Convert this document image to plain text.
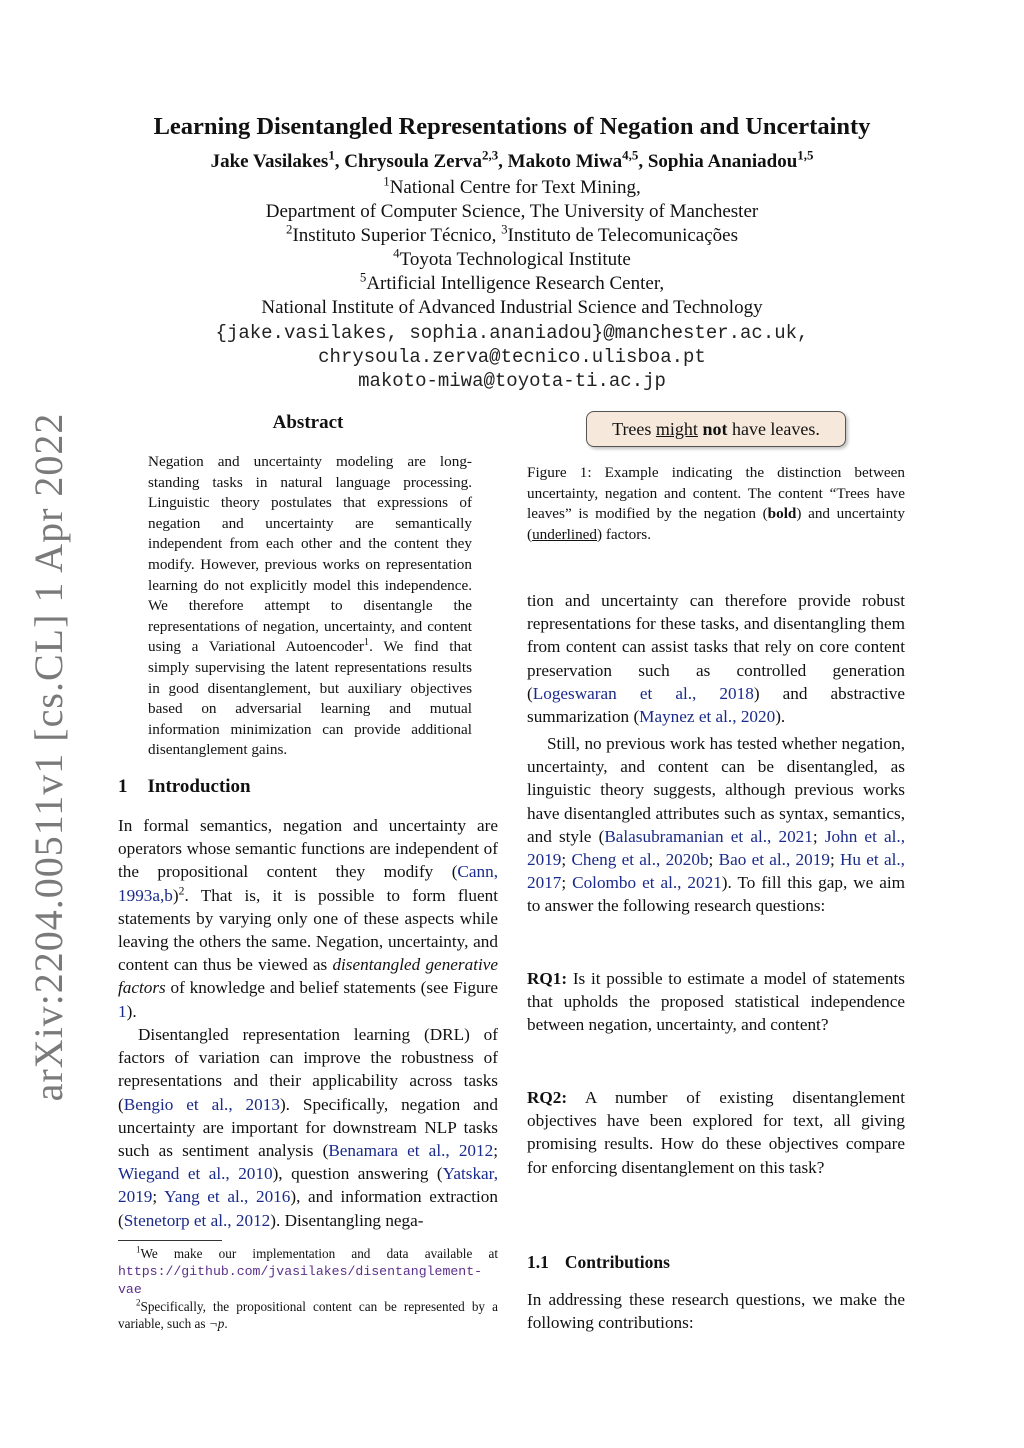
arXiv:2204.00511v1 [cs.CL] 1 Apr 2022
Learning Disentangled Representations of Negation and Uncertainty
Jake Vasilakes$^1$, Chrysoula Zerva$^{2,3}$, Makoto Miwa$^{4,5}$, Sophia Ananiadou$^{1,5}$
$^1$National Centre for Text Mining,
Department of Computer Science, The University of Manchester
$^2$Instituto Superior Técnico, $^3$Instituto de Telecomunicações
$^4$Toyota Technological Institute
$^5$Artificial Intelligence Research Center,
National Institute of Advanced Industrial Science and Technology
{jake.vasilakes, sophia.ananiadou}@manchester.ac.uk,
chrysoula.zerva@tecnico.ulisboa.pt
makoto-miwa@toyota-ti.ac.jp
Abstract
Negation and uncertainty modeling are long-standing tasks in natural language processing. Linguistic theory postulates that expressions of negation and uncertainty are semantically independent from each other and the content they modify. However, previous works on representation learning do not explicitly model this independence. We therefore attempt to disentangle the representations of negation, uncertainty, and content using a Variational Autoencoder$^1$. We find that simply supervising the latent representations results in good disentanglement, but auxiliary objectives based on adversarial learning and mutual information minimization can provide additional disentanglement gains.
1 Introduction

In formal semantics, negation and uncertainty are operators whose semantic functions are independent of the propositional content they modify (Cann, 1993a,b)$^2$. That is, it is possible to form fluent statements by varying only one of these aspects while leaving the others the same. Negation, uncertainty, and content can thus be viewed as disentangled generative factors of knowledge and belief statements (see Figure 1).

Disentangled representation learning (DRL) of factors of variation can improve the robustness of representations and their applicability across tasks (Bengio et al., 2013). Specifically, negation and uncertainty are important for downstream NLP tasks such as sentiment analysis (Benamara et al., 2012; Wiegand et al., 2010), question answering (Yatskar, 2019; Yang et al., 2016), and information extraction (Stenetorp et al., 2012). Disentangling nega-

$^1$We make our implementation and data available at https://github.com/jvasilakes/disentanglement-vae
$^2$Specifically, the propositional content can be represented by a variable, such as ¬p.
Trees might not have leaves.
Figure 1: Example indicating the distinction between uncertainty, negation and content. The content “Trees have leaves” is modified by the negation (bold) and uncertainty (underlined) factors.

tion and uncertainty can therefore provide robust representations for these tasks, and disentangling them from content can assist tasks that rely on core content preservation such as controlled generation (Logeswaran et al., 2018) and abstractive summarization (Maynez et al., 2020).

Still, no previous work has tested whether negation, uncertainty, and content can be disentangled, as linguistic theory suggests, although previous works have disentangled attributes such as syntax, semantics, and style (Balasubramanian et al., 2021; John et al., 2019; Cheng et al., 2020b; Bao et al., 2019; Hu et al., 2017; Colombo et al., 2021). To fill this gap, we aim to answer the following research questions:

RQ1: Is it possible to estimate a model of statements that upholds the proposed statistical independence between negation, uncertainty, and content?

RQ2: A number of existing disentanglement objectives have been explored for text, all giving promising results. How do these objectives compare for enforcing disentanglement on this task?

1.1 Contributions
In addressing these research questions, we make the following contributions:
